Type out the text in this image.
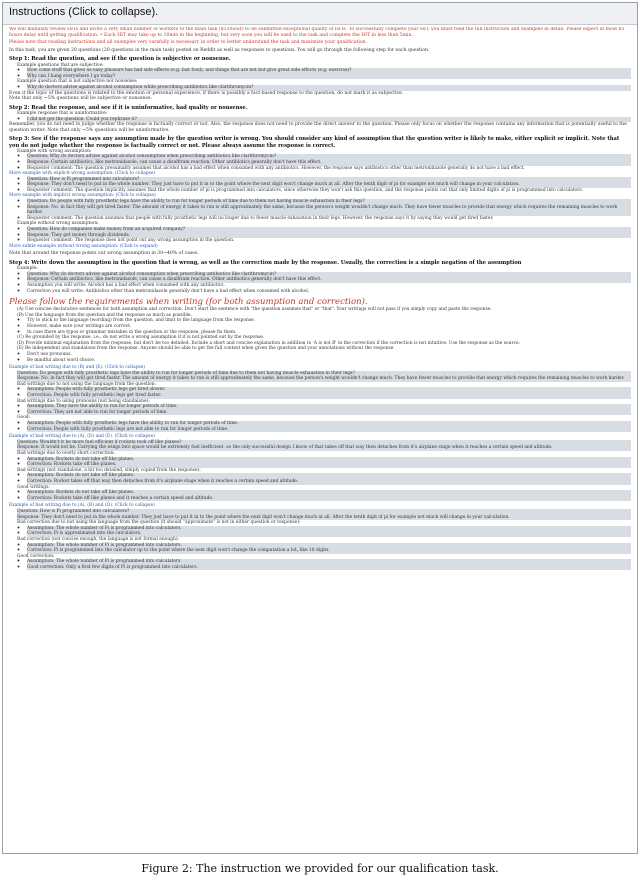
Instructions (Click to collapse).

We will manually review HITs and invite a very small number of workers to the main task ($15/hour) to be submitted exceptional quality of HITs. To successfully complete your HIT, you must read the full instruction and examples in detail. Please expect at most 85 hours delay until getting qualification. • Each HIT may take up to 10min in the beginning, but very soon you will be used to the task and complete the HIT in less than 5min.

Please note that reading instructions and all examples very carefully is necessary in order to better understand the task and maximize your qualification.

In this task, you are given 20 questions (20 questions in the main task) posted on Reddit as well as responses to questions. You will go through the following step for each question.

Step 1: Read the question, and see if the question is subjective or nonsense.
• Example questions that are subjective:
◦ How come stuff that gives us easy pleasure has bad side effects (e.g. fast food), and things that are not but give great side effects (e.g. exercise)?
◦ Why can I hang everywhere I go today?
• Example question that is not subjective nor nonsense:
◦ Why do doctors advise against alcohol consumption while prescribing antibiotics like clarithromycin?

Even if the topic of the questions is related to the emotion or personal experience, if there is possibly a fact-based response to the question, do not mark it as subjective.

Note that only ~5% questions will be subjective or nonsense.

Step 2: Read the response, and see if it is uninformative, bad quality or nonsense.
• Example response that is uninformative:
◦ I did not get the question. Could you rephrase it?

Remember, you do not need to judge whether the response is factually correct or not. Also, the response does not need to provide the direct answer to the question. Please only focus on whether the response contains any information that is potentially useful to the question writer. Note that only ~5% questions will be uninformative.

Step 3: See if the response says any assumption made by the question writer is wrong. You should consider any kind of assumption that the question writer is likely to make, either explicit or implicit. Note that you do not judge whether the response is factually correct or not. Please always assume the response is correct.
• Example with wrong assumption:
◦ Question: Why do doctors advise against alcohol consumption when prescribing antibiotics like clarithromycin?
◦ Response: Certain antibiotics, like metronidazole, can cause a disulfiram reaction. Other antibiotics generally don't have this effect.
◦ Requester comment: The question presumably assumes that alcohol has a bad effect when consumed with any antibiotics. However, the response says antibiotics other than metronidazole generally do not have a bad effect.
More example with explicit wrong assumption: (Click to collapse)
◦ Question: How is Pi programmed into calculators?
◦ Response: They don't need to put in the whole number. They just have to put it in to the point where the next digit won't change much at all. After the tenth digit of pi for example not much will change in your calculation.
◦ Requester comment: The question implicitly assumes that the whole number of pi is programmed into calculators, since otherwise they won't ask this question, and the response points out that only limited digits of pi is programmed into calculators.
More example with implicit wrong assumption: (Click to collapse)
◦ Question: Do people with fully prosthetic legs have the ability to run for longer periods of time due to them not having muscle exhaustion in their legs?
◦ Response: No, in fact they will get tired faster. The amount of energy it takes to run is still approximately the same, because the person's weight wouldn't change much. They have fewer muscles to provide that energy which requires the remaining muscles to work harder.
◦ Requester comment: The question assumes that people with fully prosthetic legs will no longer due to fewer muscle exhaustion in their legs. However, the response says it by saying they would get tired faster.
• Example without wrong assumption:
◦ Question: How do companies make money from an acquired company?
◦ Response: They get money through dividends.
◦ Requester comment: The response does not point out any wrong assumption in the question.
More subtle example without wrong assumption: (Click to expand)

Note that around the response points out wrong assumption in 30~40% of cases.

Step 4: Write down the assumption in the question that is wrong, as well as the correction made by the response. Usually, the correction is a simple negation of the assumption
• Example:
◦ Question: Why do doctors advise against alcohol consumption when prescribing antibiotics like clarithromycin?
◦ Response: Certain antibiotics, like metronidazole, can cause a disulfiram reaction. Other antibiotics generally don't have this effect.
◦ Assumption you will write: Alcohol has a bad effect when consumed with any antibiotics.
◦ Correction you will write: Antibiotics other than metronidazole generally don't have a bad effect when consumed with alcohol.
Please follow the requirements when writing (for both assumption and correction).
• (A) Use concise declarative sentences for both assumption and correction. Don't start the sentence with "the question assumes that" or "that". Your writings will not pass if you simply copy and paste the response.
• (B) Use the language from the question and the response as much as possible.
◦ Try to stick to the language (wording) from the question, and limit to the language from the response.
◦ However, make sure your writings are correct.
◦ In case there are typos or grammar mistakes in the question or the response, please fix them.
• (C) Be grounded by the response, i.e., do not write a wrong assumption if it is not pointed out by the response.
• (D) Provide minimal explanation from the response, but don't be too detailed. Include a short and concise explanation in addition to 'A is not B' in the correction if the correction is not intuitive. Use the response as the source.
• (E) Be independent and standalone from the response. Anyone should be able to get the full context when given the question and your annotations without the response.
◦ Don't use pronouns.
◦ Be mindful about word choice.
Example of bad writing due to (B) and (E). (Click to collapse)
• Question: Do people with fully prosthetic legs have the ability to run for longer periods of time due to them not having muscle exhaustion in their legs?
• Response: No, in fact they will get tired faster. The amount of energy it takes to run is still approximately the same, because the person's weight wouldn't change much. They have fewer muscles to provide that energy which requires the remaining muscles to work harder.
• Bad writings due to not using the language from the question:
◦ Assumption: People with fully prosthetic legs get tired slower.
◦ Correction: People with fully prosthetic legs get tired faster.
• Bad writings due to using pronouns (not being standalone):
◦ Assumption: They have the ability to run for longer periods of time.
◦ Correction: They are not able to run for longer periods of time.
• Good:
◦ Assumption: People with fully prosthetic legs have the ability to run for longer periods of time.
◦ Correction: People with fully prosthetic legs are not able to run for longer periods of time.
Example of bad writing due to (A), (D) and (E). (Click to collapse)
• Question: Wouldn't it be more fuel efficient if rockets took off like planes?
• Response: It would not be. Carrying the wings into space would be extremely fuel inefficient, so the only successful design I know of that takes off that way then detaches from it's airplane stage when it reaches a certain speed and altitude.
• Bad writings due to overly short correction:
◦ Assumption: Rockets do not take off like planes.
◦ Correction: Rockets take off like planes.
• Bad writings (not standalone, a bit too detailed, simply copied from the response):
◦ Assumption: Rockets do not take off like planes.
◦ Correction: Rocket takes off that way then detaches from it's airplane stage when it reaches a certain speed and altitude.
• Good writings:
◦ Assumption: Rockets do not take off like planes.
◦ Correction: Rockets take off like planes and it reaches a certain speed and altitude.
Example of bad writing due to (A), (B) and (D). (Click to collapse)
• Question: How is Pi programmed into calculators?
• Response: They don't need to put in the whole number. They just have to put it in to the point where the next digit won't change much at all. After the tenth digit of pi for example not much will change in your calculation.
• Bad correction due to not using the language from the question (it should "approximate" is not in either question or response):
◦ Assumption: The whole number of Pi is programmed into calculators.
◦ Correction: Pi is approximated into the calculators.
• Bad correction (not concise enough, the language is not formal enough):
◦ Assumption: The whole number of Pi is programmed into calculators.
◦ Correction: Pi is programmed into the calculator up to the point where the next digit won't change the computation a lot, like 10 digits.
• Good correction:
◦ Assumption: The whole number of Pi is programmed into calculators.
◦ Good correction: Only a first few digits of Pi is programmed into calculators.
Figure 2: The instruction we provided for our qualification task.
